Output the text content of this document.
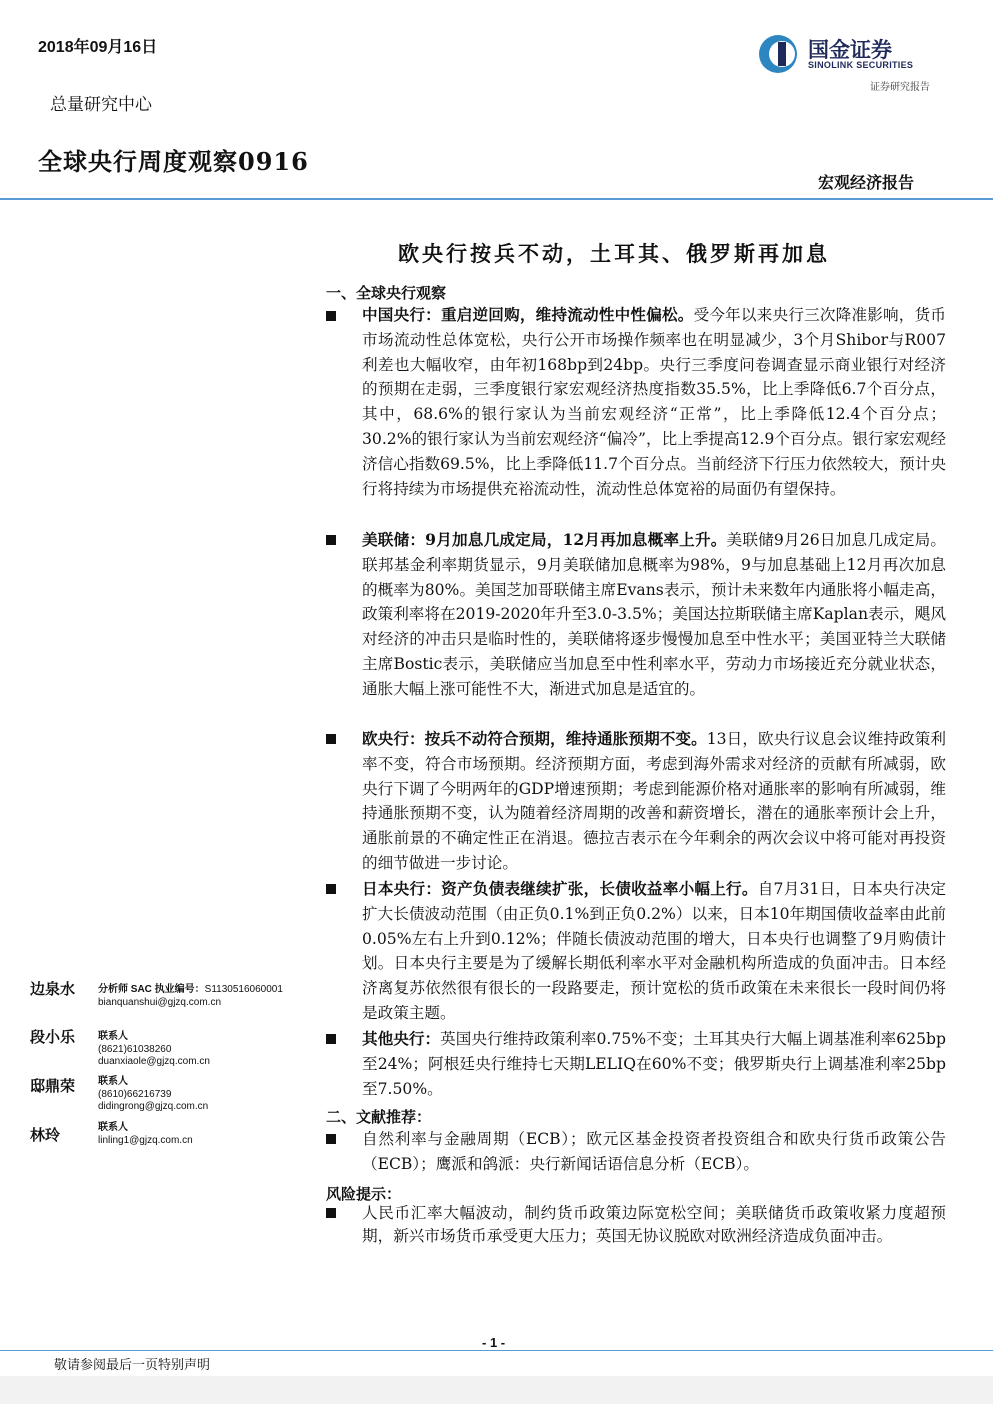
2018年09月16日
总量研究中心
全球央行周度观察0916
国金证券
SINOLINK SECURITIES
证券研究报告
宏观经济报告
欧央行按兵不动，土耳其、俄罗斯再加息
一、全球央行观察
中国央行：重启逆回购，维持流动性中性偏松。受今年以来央行三次降准影响，货币市场流动性总体宽松，央行公开市场操作频率也在明显减少，3个月Shibor与R007利差也大幅收窄，由年初168bp到24bp。央行三季度问卷调查显示商业银行对经济的预期在走弱，三季度银行家宏观经济热度指数35.5%，比上季降低6.7个百分点，其中，68.6%的银行家认为当前宏观经济“正常”，比上季降低12.4个百分点；30.2%的银行家认为当前宏观经济“偏冷”，比上季提高12.9个百分点。银行家宏观经济信心指数69.5%，比上季降低11.7个百分点。当前经济下行压力依然较大，预计央行将持续为市场提供充裕流动性，流动性总体宽裕的局面仍有望保持。
美联储：9月加息几成定局，12月再加息概率上升。美联储9月26日加息几成定局。联邦基金利率期货显示，9月美联储加息概率为98%，9与加息基础上12月再次加息的概率为80%。美国芝加哥联储主席Evans表示，预计未来数年内通胀将小幅走高，政策利率将在2019-2020年升至3.0-3.5%；美国达拉斯联储主席Kaplan表示，飓风对经济的冲击只是临时性的，美联储将逐步慢慢加息至中性水平；美国亚特兰大联储主席Bostic表示，美联储应当加息至中性利率水平，劳动力市场接近充分就业状态，通胀大幅上涨可能性不大，渐进式加息是适宜的。
欧央行：按兵不动符合预期，维持通胀预期不变。13日，欧央行议息会议维持政策利率不变，符合市场预期。经济预期方面，考虑到海外需求对经济的贡献有所减弱，欧央行下调了今明两年的GDP增速预期；考虑到能源价格对通胀率的影响有所减弱，维持通胀预期不变，认为随着经济周期的改善和薪资增长，潜在的通胀率预计会上升，通胀前景的不确定性正在消退。德拉吉表示在今年剩余的两次会议中将可能对再投资的细节做进一步讨论。
日本央行：资产负债表继续扩张，长债收益率小幅上行。自7月31日，日本央行决定扩大长债波动范围（由正负0.1%到正负0.2%）以来，日本10年期国债收益率由此前0.05%左右上升到0.12%；伴随长债波动范围的增大，日本央行也调整了9月购债计划。日本央行主要是为了缓解长期低利率水平对金融机构所造成的负面冲击。日本经济离复苏依然很有很长的一段路要走，预计宽松的货币政策在未来很长一段时间仍将是政策主题。
其他央行：英国央行维持政策利率0.75%不变；土耳其央行大幅上调基准利率625bp至24%；阿根廷央行维持七天期LELIQ在60%不变；俄罗斯央行上调基准利率25bp至7.50%。
二、文献推荐：
自然利率与金融周期（ECB）；欧元区基金投资者投资组合和欧央行货币政策公告（ECB）；鹰派和鸽派：央行新闻话语信息分析（ECB）。
风险提示：
人民币汇率大幅波动，制约货币政策边际宽松空间；美联储货币政策收紧力度超预期，新兴市场货币承受更大压力；英国无协议脱欧对欧洲经济造成负面冲击。
边泉水 分析师 SAC 执业编号：S1130516060001
bianquanshui@gjzq.com.cn
段小乐 联系人
(8621)61038260
duanxiaole@gjzq.com.cn
邸鼎荣 联系人
(8610)66216739
didingrong@gjzq.com.cn
林玲	联系人
linling1@gjzq.com.cn
- 1 -
敬请参阅最后一页特别声明
